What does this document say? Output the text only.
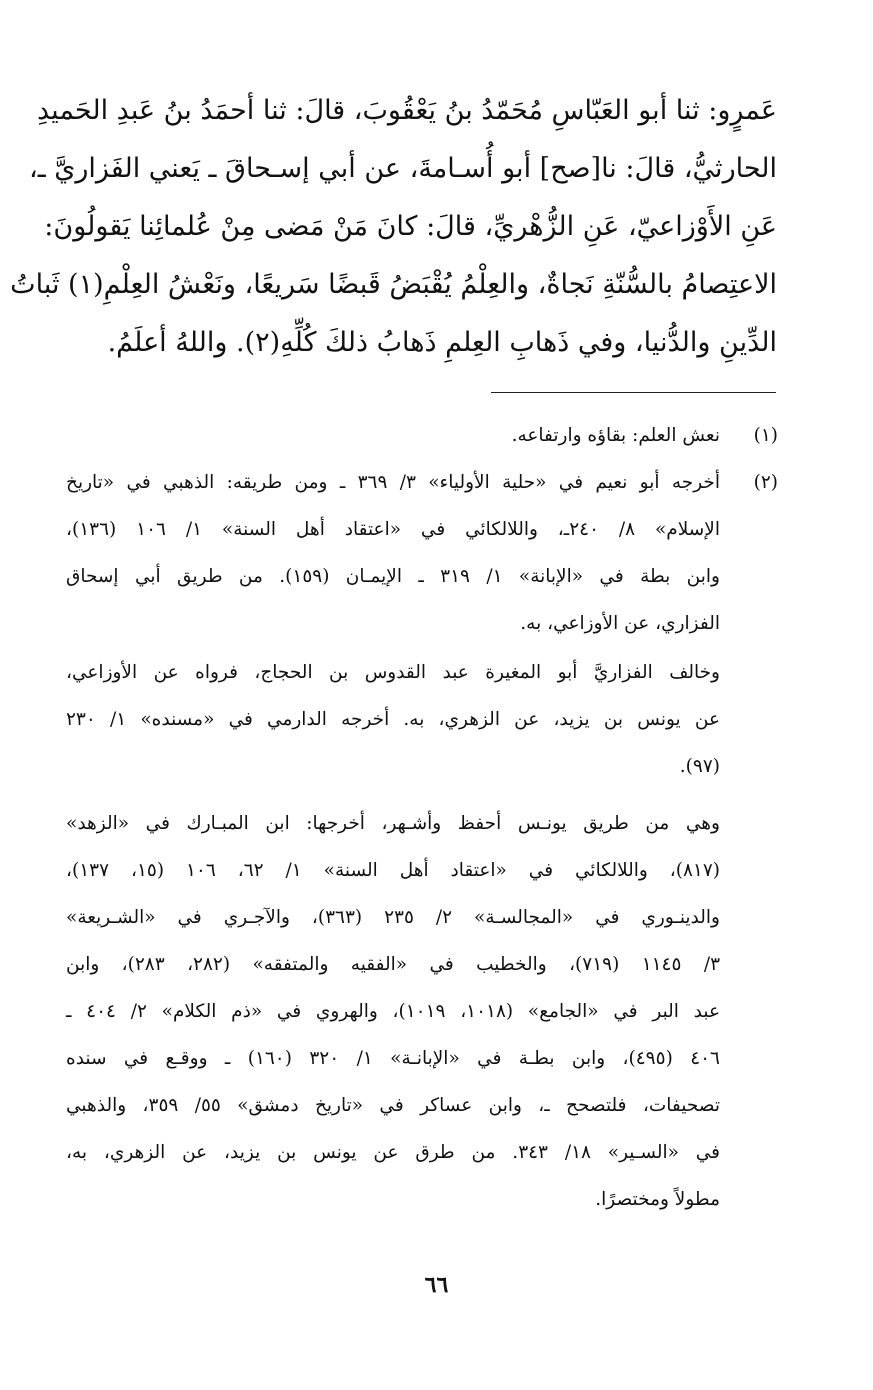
عَمرٍو: ثنا أبو العَبّاسِ مُحَمّدُ بنُ يَعْقُوبَ، قالَ: ثنا أحمَدُ بنُ عَبدِ الحَميدِ
الحارثيُّ، قالَ: نا[صح] أبو أُسـامةَ، عن أبي إسـحاقَ ـ يَعني الفَزاريَّ ـ،
عَنِ الأَوْزاعيّ، عَنِ الزُّهْريِّ، قالَ: كانَ مَنْ مَضى مِنْ عُلمائِنا يَقولُونَ:
الاعتِصامُ بالسُّنّةِ نَجاةٌ، والعِلْمُ يُقْبَضُ قَبضًا سَريعًا، ونَعْشُ العِلْمِ(١) ثَباتُ
الدِّينِ والدُّنيا، وفي ذَهابِ العِلمِ ذَهابُ ذلكَ كُلِّهِ(٢). واللهُ أعلَمُ.
(١)
نعش العلم: بقاؤه وارتفاعه.
(٢)
أخرجه أبو نعيم في «حلية الأولياء» ٣/ ٣٦٩ ـ ومن طريقه: الذهبي في «تاريخ
الإسلام» ٨/ ٢٤٠ـ، واللالكائي في «اعتقاد أهل السنة» ١/ ١٠٦ (١٣٦)،
وابن بطة في «الإبانة» ١/ ٣١٩ ـ الإيمـان (١٥٩). من طريق أبي إسحاق
الفزاري، عن الأوزاعي، به.
وخالف الفزاريَّ أبو المغيرة عبد القدوس بن الحجاج، فرواه عن الأوزاعي،
عن يونس بن يزيد، عن الزهري، به. أخرجه الدارمي في «مسنده» ١/ ٢٣٠
(٩٧).
وهي من طريق يونـس أحفظ وأشـهر، أخرجها: ابن المبـارك في «الزهد»
(٨١٧)، واللالكائي في «اعتقاد أهل السنة» ١/ ٦٢، ١٠٦ (١٥، ١٣٧)،
والدينـوري في «المجالسـة» ٢/ ٢٣٥ (٣٦٣)، والآجـري في «الشـريعة»
٣/ ١١٤٥ (٧١٩)، والخطيب في «الفقيه والمتفقه» (٢٨٢، ٢٨٣)، وابن
عبد البر في «الجامع» (١٠١٨، ١٠١٩)، والهروي في «ذم الكلام» ٢/ ٤٠٤ ـ
٤٠٦ (٤٩٥)، وابن بطـة في «الإبانـة» ١/ ٣٢٠ (١٦٠) ـ ووقـع في سنده
تصحيفات، فلتصحح ـ، وابن عساكر في «تاريخ دمشق» ٥٥/ ٣٥٩، والذهبي
في «السـير» ١٨/ ٣٤٣. من طرق عن يونس بن يزيد، عن الزهري، به،
مطولاً ومختصرًا.
٦٦
